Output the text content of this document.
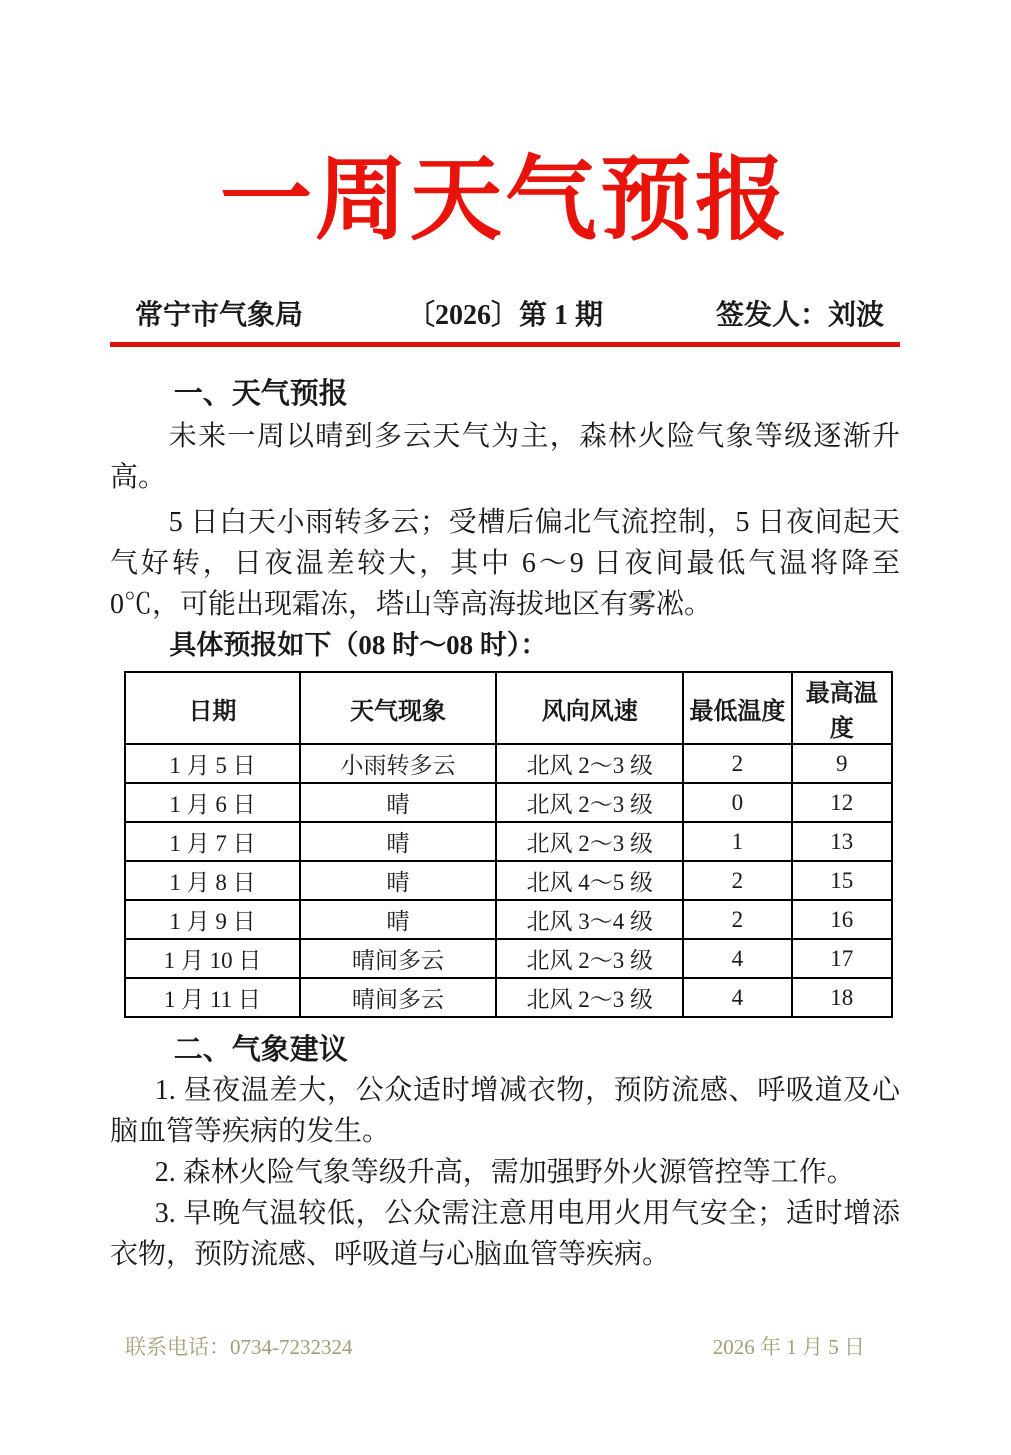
一周天气预报
常宁市气象局	〔2026〕第 1 期	签发人：刘波
一、天气预报

未来一周以晴到多云天气为主，森林火险气象等级逐渐升高。

5 日白天小雨转多云；受槽后偏北气流控制，5 日夜间起天气好转，日夜温差较大，其中 6～9 日夜间最低气温将降至 0℃，可能出现霜冻，塔山等高海拔地区有雾凇。

具体预报如下（08 时～08 时）：

日期	天气现象	风向风速	最低温度	最高温度
1 月 5 日	小雨转多云	北风 2～3 级	2	9
1 月 6 日	晴	北风 2～3 级	0	12
1 月 7 日	晴	北风 2～3 级	1	13
1 月 8 日	晴	北风 4～5 级	2	15
1 月 9 日	晴	北风 3～4 级	2	16
1 月 10 日	晴间多云	北风 2～3 级	4	17
1 月 11 日	晴间多云	北风 2～3 级	4	18
二、气象建议

1. 昼夜温差大，公众适时增减衣物，预防流感、呼吸道及心脑血管等疾病的发生。

2. 森林火险气象等级升高，需加强野外火源管控等工作。

3. 早晚气温较低，公众需注意用电用火用气安全；适时增添衣物，预防流感、呼吸道与心脑血管等疾病。

联系电话：0734-7232324	2026 年 1 月 5 日
